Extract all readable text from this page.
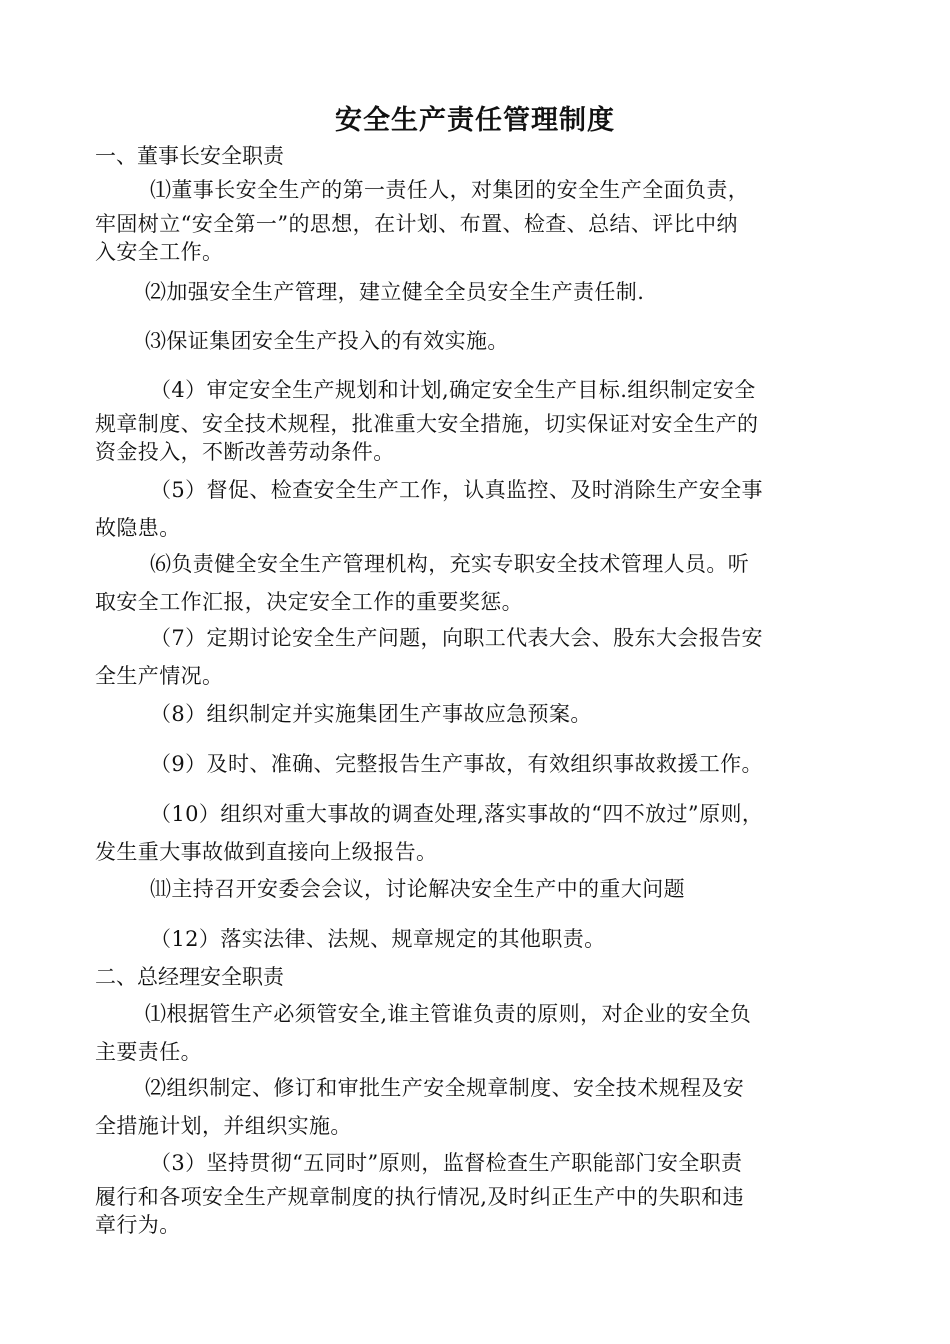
安全生产责任管理制度
一、董事长安全职责
⑴董事长安全生产的第一责任人，对集团的安全生产全面负责，
牢固树立“安全第一”的思想，在计划、布置、检查、总结、评比中纳
入安全工作。
⑵加强安全生产管理，建立健全全员安全生产责任制.
⑶保证集团安全生产投入的有效实施。
（4）审定安全生产规划和计划,确定安全生产目标.组织制定安全
规章制度、安全技术规程，批准重大安全措施，切实保证对安全生产的
资金投入，不断改善劳动条件。
（5）督促、检查安全生产工作，认真监控、及时消除生产安全事
故隐患。
⑹负责健全安全生产管理机构，充实专职安全技术管理人员。听
取安全工作汇报，决定安全工作的重要奖惩。
（7）定期讨论安全生产问题，向职工代表大会、股东大会报告安
全生产情况。
（8）组织制定并实施集团生产事故应急预案。
（9）及时、准确、完整报告生产事故，有效组织事故救援工作。
（10）组织对重大事故的调查处理,落实事故的“四不放过”原则，
发生重大事故做到直接向上级报告。
⑾主持召开安委会会议，讨论解决安全生产中的重大问题
（12）落实法律、法规、规章规定的其他职责。
二、总经理安全职责
⑴根据管生产必须管安全,谁主管谁负责的原则，对企业的安全负
主要责任。
⑵组织制定、修订和审批生产安全规章制度、安全技术规程及安
全措施计划，并组织实施。
（3）坚持贯彻“五同时”原则，监督检查生产职能部门安全职责
履行和各项安全生产规章制度的执行情况,及时纠正生产中的失职和违
章行为。
